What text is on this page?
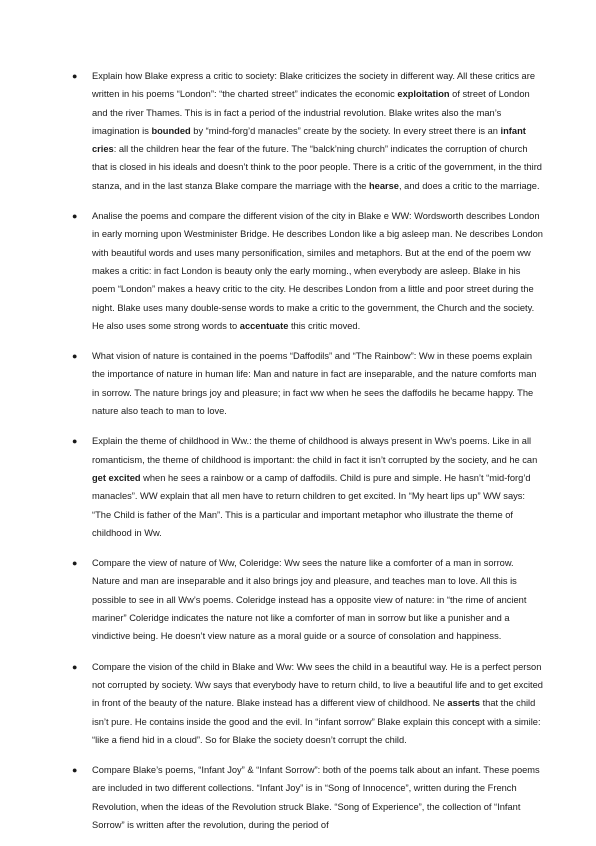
● Explain how Blake express a critic to society: Blake criticizes the society in different way. All these critics are written in his poems “London”: “the charted street” indicates the economic exploitation of street of London and the river Thames. This is in fact a period of the industrial revolution. Blake writes also the man’s imagination is bounded by “mind-forg’d manacles” create by the society. In every street there is an infant cries: all the children hear the fear of the future. The “balck’ning church” indicates the corruption of church that is closed in his ideals and doesn’t think to the poor people. There is a critic of the government, in the third stanza, and in the last stanza Blake compare the marriage with the hearse, and does a critic to the marriage.

● Analise the poems and compare the different vision of the city in Blake e WW: Wordsworth describes London in early morning upon Westminister Bridge. He describes London like a big asleep man. Ne describes London with beautiful words and uses many personification, similes and metaphors. But at the end of the poem ww makes a critic: in fact London is beauty only the early morning., when everybody are asleep. Blake in his poem “London” makes a heavy critic to the city. He describes London from a little and poor street during the night. Blake uses many double-sense words to make a critic to the government, the Church and the society. He also uses some strong words to accentuate this critic moved.

● What vision of nature is contained in the poems “Daffodils” and “The Rainbow”: Ww in these poems explain the importance of nature in human life: Man and nature in fact are inseparable, and the nature comforts man in sorrow. The nature brings joy and pleasure; in fact ww when he sees the daffodils he became happy. The nature also teach to man to love.

● Explain the theme of childhood in Ww.: the theme of childhood is always present in Ww’s poems. Like in all romanticism, the theme of childhood is important: the child in fact it isn’t corrupted by the society, and he can get excited when he sees a rainbow or a camp of daffodils. Child is pure and simple. He hasn’t “mid-forg’d manacles”. WW explain that all men have to return children to get excited. In “My heart lips up” WW says: “The Child is father of the Man”. This is a particular and important metaphor who illustrate the theme of childhood in Ww.

● Compare the view of nature of Ww, Coleridge: Ww sees the nature like a comforter of a man in sorrow. Nature and man are inseparable and it also brings joy and pleasure, and teaches man to love. All this is possible to see in all Ww’s poems. Coleridge instead has a opposite view of nature: in “the rime of ancient mariner” Coleridge indicates the nature not like a comforter of man in sorrow but like a punisher and a vindictive being. He doesn’t view nature as a moral guide or a source of consolation and happiness.

● Compare the vision of the child in Blake and Ww: Ww sees the child in a beautiful way. He is a perfect person not corrupted by society. Ww says that everybody have to return child, to live a beautiful life and to get excited in front of the beauty of the nature. Blake instead has a different view of childhood. Ne asserts that the child isn’t pure. He contains inside the good and the evil. In “infant sorrow” Blake explain this concept with a simile: “like a fiend hid in a cloud”. So for Blake the society doesn’t corrupt the child.

● Compare Blake’s poems, “Infant Joy” & “Infant Sorrow”: both of the poems talk about an infant. These poems are included in two different collections. “Infant Joy” is in “Song of Innocence”, written during the French Revolution, when the ideas of the Revolution struck Blake. “Song of Experience”, the collection of “Infant Sorrow” is written after the revolution, during the period of
